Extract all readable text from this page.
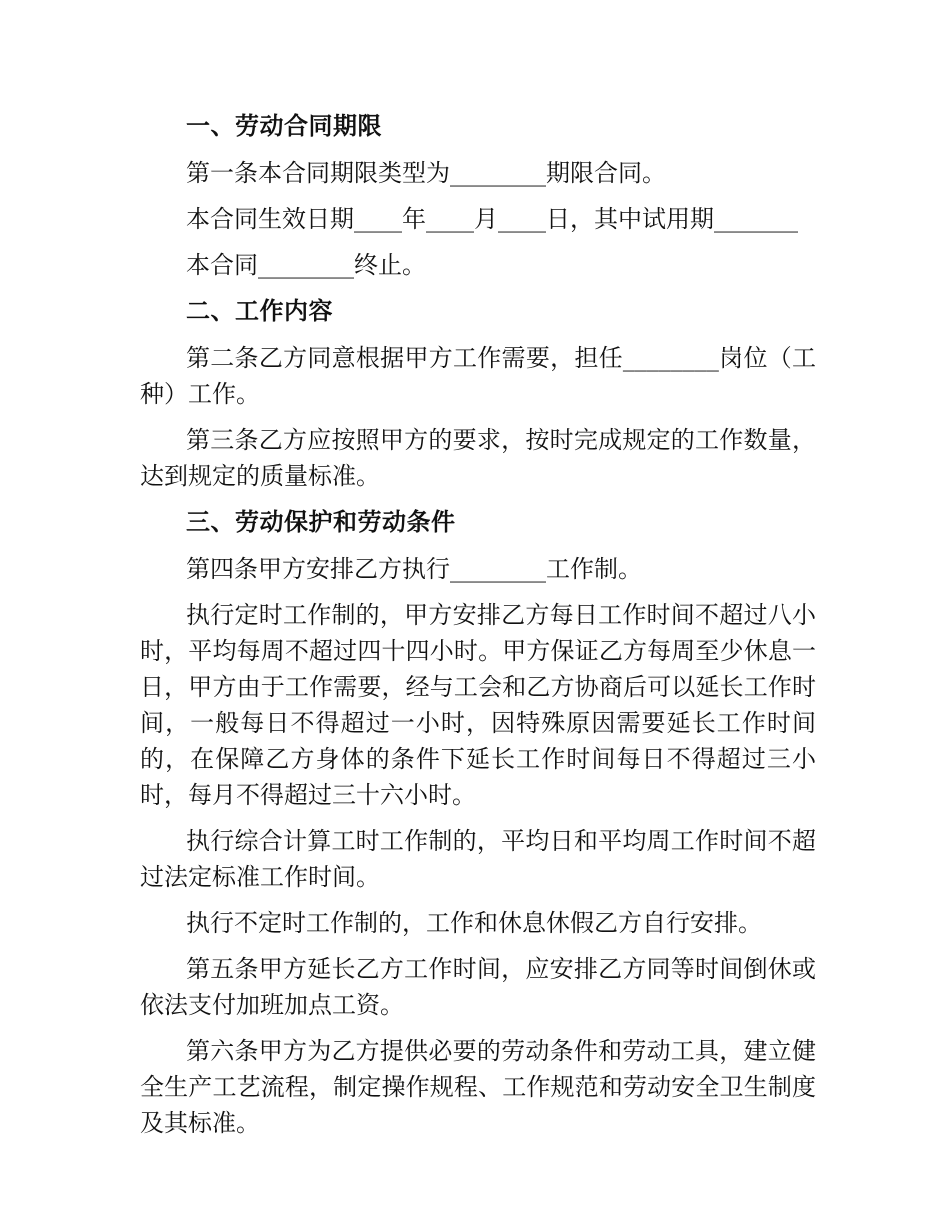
一、劳动合同期限

第一条本合同期限类型为________期限合同。

本合同生效日期____年____月____日，其中试用期_______

本合同________终止。

二、工作内容

第二条乙方同意根据甲方工作需要，担任________岗位（工种）工作。

第三条乙方应按照甲方的要求，按时完成规定的工作数量，达到规定的质量标准。

三、劳动保护和劳动条件

第四条甲方安排乙方执行________工作制。

执行定时工作制的，甲方安排乙方每日工作时间不超过八小时，平均每周不超过四十四小时。甲方保证乙方每周至少休息一日，甲方由于工作需要，经与工会和乙方协商后可以延长工作时间，一般每日不得超过一小时，因特殊原因需要延长工作时间的，在保障乙方身体的条件下延长工作时间每日不得超过三小时，每月不得超过三十六小时。

执行综合计算工时工作制的，平均日和平均周工作时间不超过法定标准工作时间。

执行不定时工作制的，工作和休息休假乙方自行安排。

第五条甲方延长乙方工作时间，应安排乙方同等时间倒休或依法支付加班加点工资。

第六条甲方为乙方提供必要的劳动条件和劳动工具，建立健全生产工艺流程，制定操作规程、工作规范和劳动安全卫生制度及其标准。
